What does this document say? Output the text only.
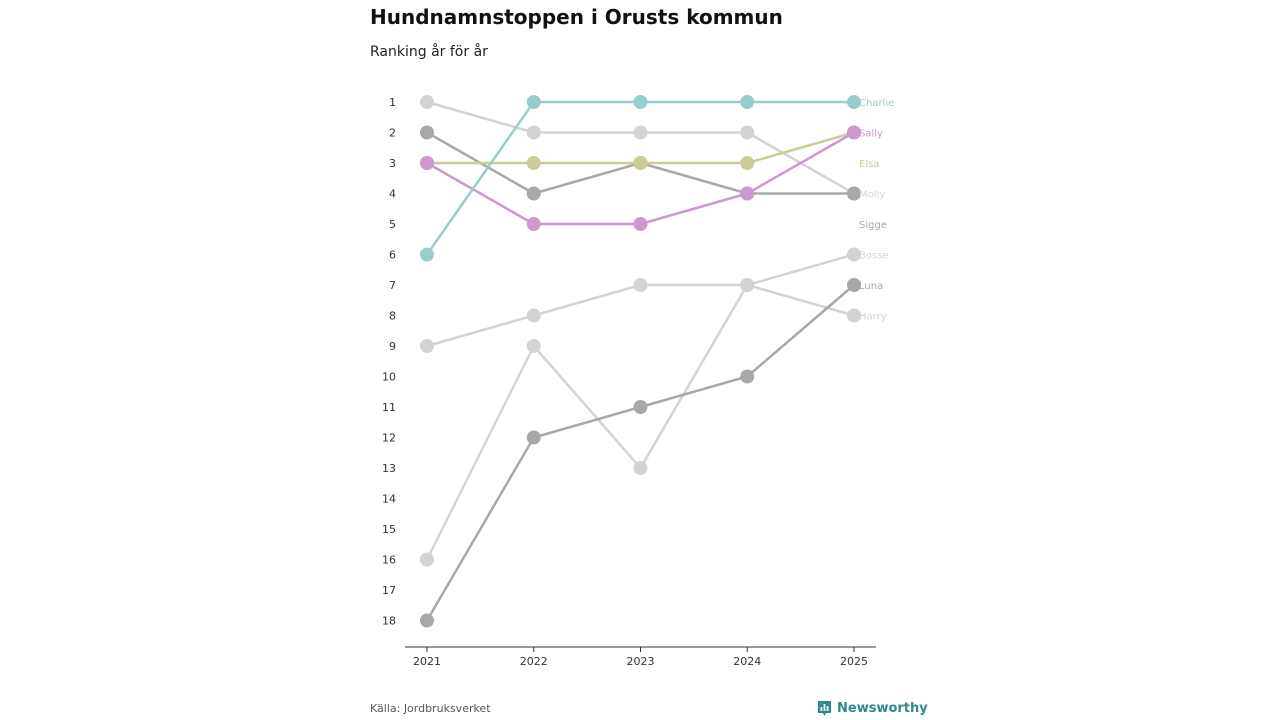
Hundnamnstoppen i Orusts kommun
Ranking år för år
1
2
3
4
5
6
7
8
9
10
11
12
13
14
15
16
17
18
2021	2022	2023	2024	2025
Charlie
Sally
Elsa
Molly
Sigge
Bosse
Luna
Harry
Källa: Jordbruksverket	Newsworthy
